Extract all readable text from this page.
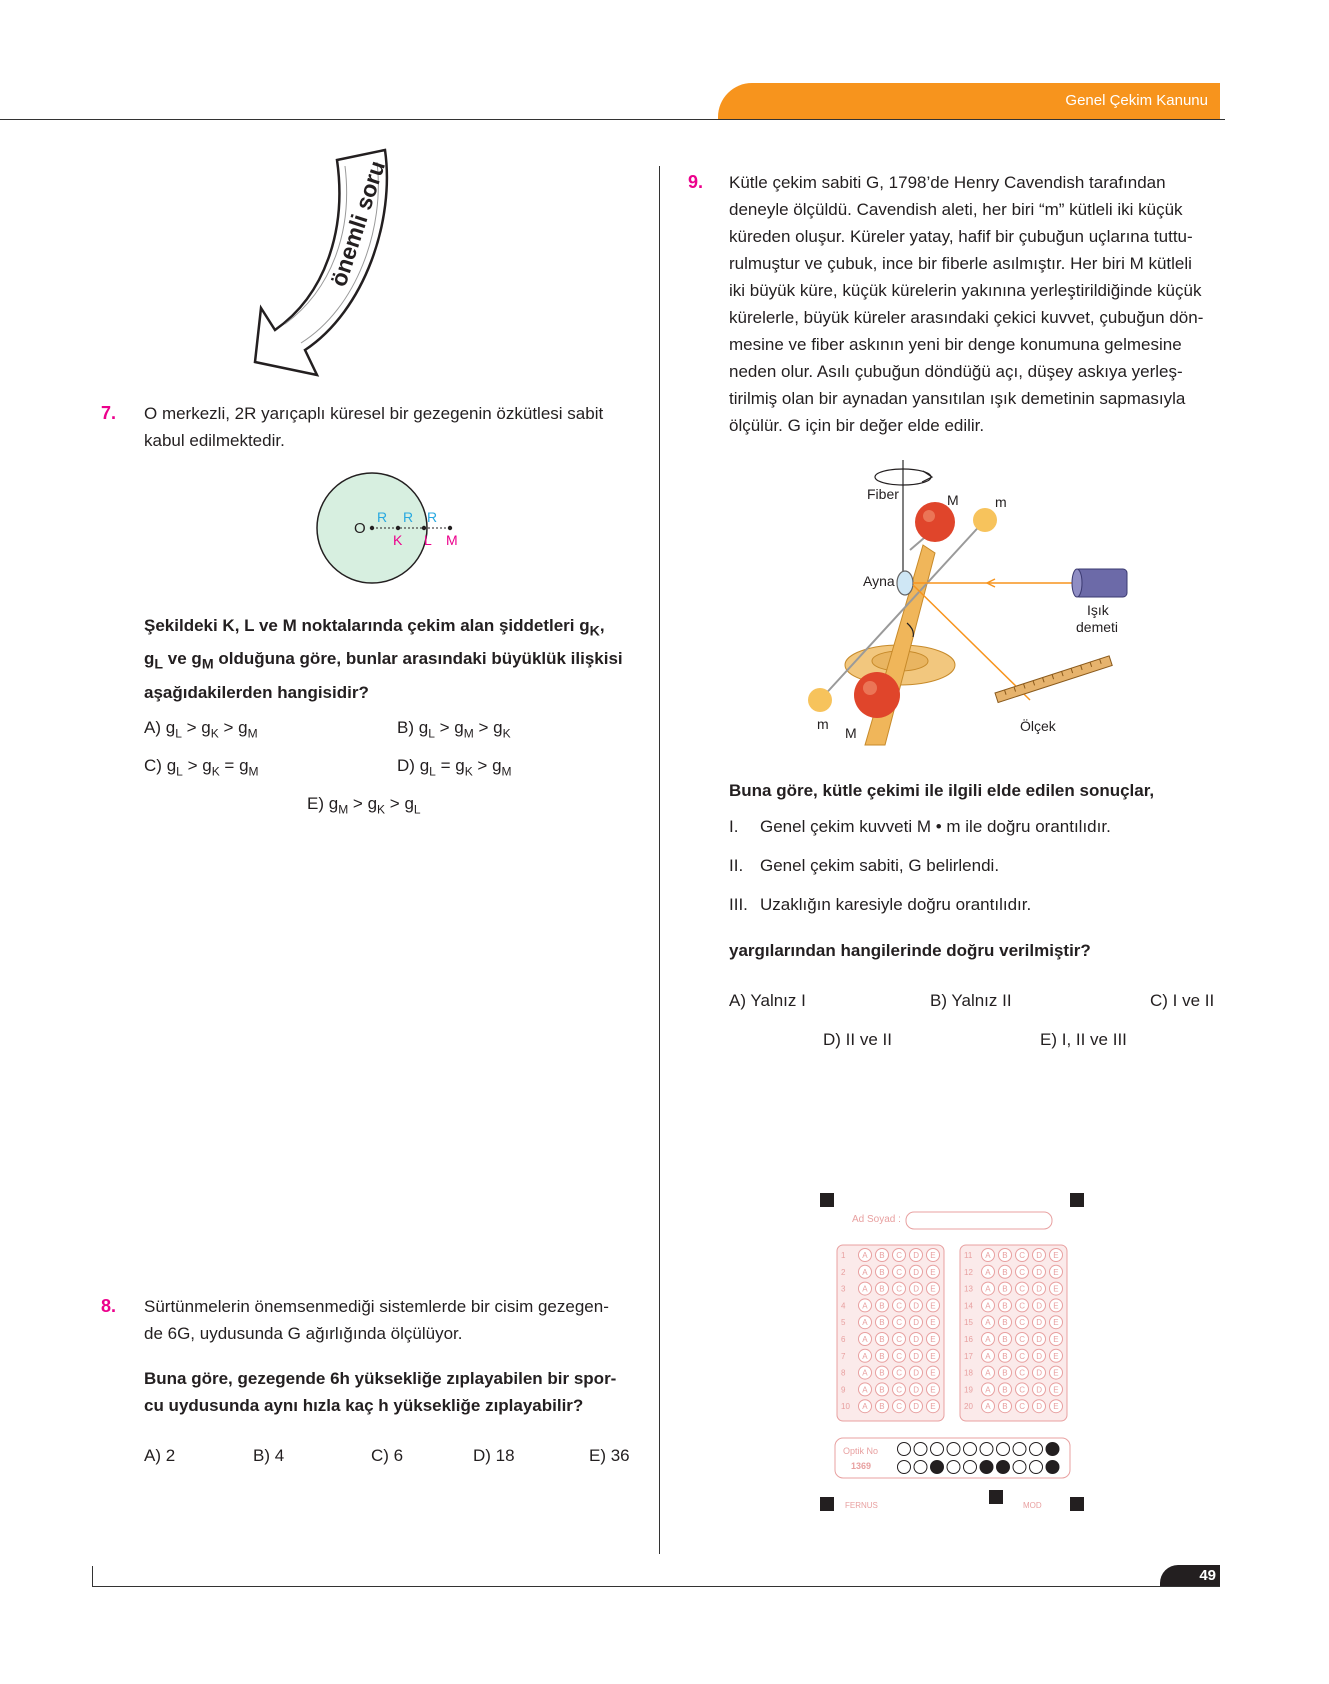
Genel Çekim Kanunu
önemli soru
7. O merkezli, 2R yarıçaplı küresel bir gezegenin özkütlesi sabit
kabul edilmektedir.
O
R R R
K L M
Şekildeki K, L ve M noktalarında çekim alan şiddetleri $g_K$,
$g_L$ ve $g_M$ olduğuna göre, bunlar arasındaki büyüklük ilişkisi
aşağıdakilerden hangisidir?
A) $g_L > g_K > g_M$	B) $g_L > g_M > g_K$
C) $g_L > g_K = g_M$	D) $g_L = g_K > g_M$
E) $g_M > g_K > g_L$
8. Sürtünmelerin önemsenmediği sistemlerde bir cisim gezegen-
de 6G, uydusunda G ağırlığında ölçülüyor.
Buna göre, gezegende 6h yüksekliğe zıplayabilen bir spor-
cu uydusunda aynı hızla kaç h yüksekliğe zıplayabilir?
A) 2	B) 4	C) 6	D) 18	E) 36
9. Kütle çekim sabiti G, 1798’de Henry Cavendish tarafından
deneyle ölçüldü. Cavendish aleti, her biri “m” kütleli iki küçük
küreden oluşur. Küreler yatay, hafif bir çubuğun uçlarına tuttu-
rulmuştur ve çubuk, ince bir fiberle asılmıştır. Her biri M kütleli
iki büyük küre, küçük kürelerin yakınına yerleştirildiğinde küçük
kürelerle, büyük küreler arasındaki çekici kuvvet, çubuğun dön-
mesine ve fiber askının yeni bir denge konumuna gelmesine
neden olur. Asılı çubuğun döndüğü açı, düşey askıya yerleş-
tirilmiş olan bir aynadan yansıtılan ışık demetinin sapmasıyla
ölçülür. G için bir değer elde edilir.
Fiber	M	m
Ayna
Işık
demeti
Ölçek
m
M
Buna göre, kütle çekimi ile ilgili elde edilen sonuçlar,
I. Genel çekim kuvveti M • m ile doğru orantılıdır.
II. Genel çekim sabiti, G belirlendi.
III. Uzaklığın karesiyle doğru orantılıdır.
yargılarından hangilerinde doğru verilmiştir?
A) Yalnız I	B) Yalnız II	C) I ve II
D) II ve II	E) I, II ve III
Ad Soyad :
1 A B C D E
2 A B C D E
3 A B C D E
4 A B C D E
5 A B C D E
6 A B C D E
7 A B C D E
8 A B C D E
9 A B C D E
10 A B C D E
11 A B C D E
12 A B C D E
13 A B C D E
14 A B C D E
15 A B C D E
16 A B C D E
17 A B C D E
18 A B C D E
19 A B C D E
20 A B C D E
Optik No
1369
FERNUS	MOD
49
